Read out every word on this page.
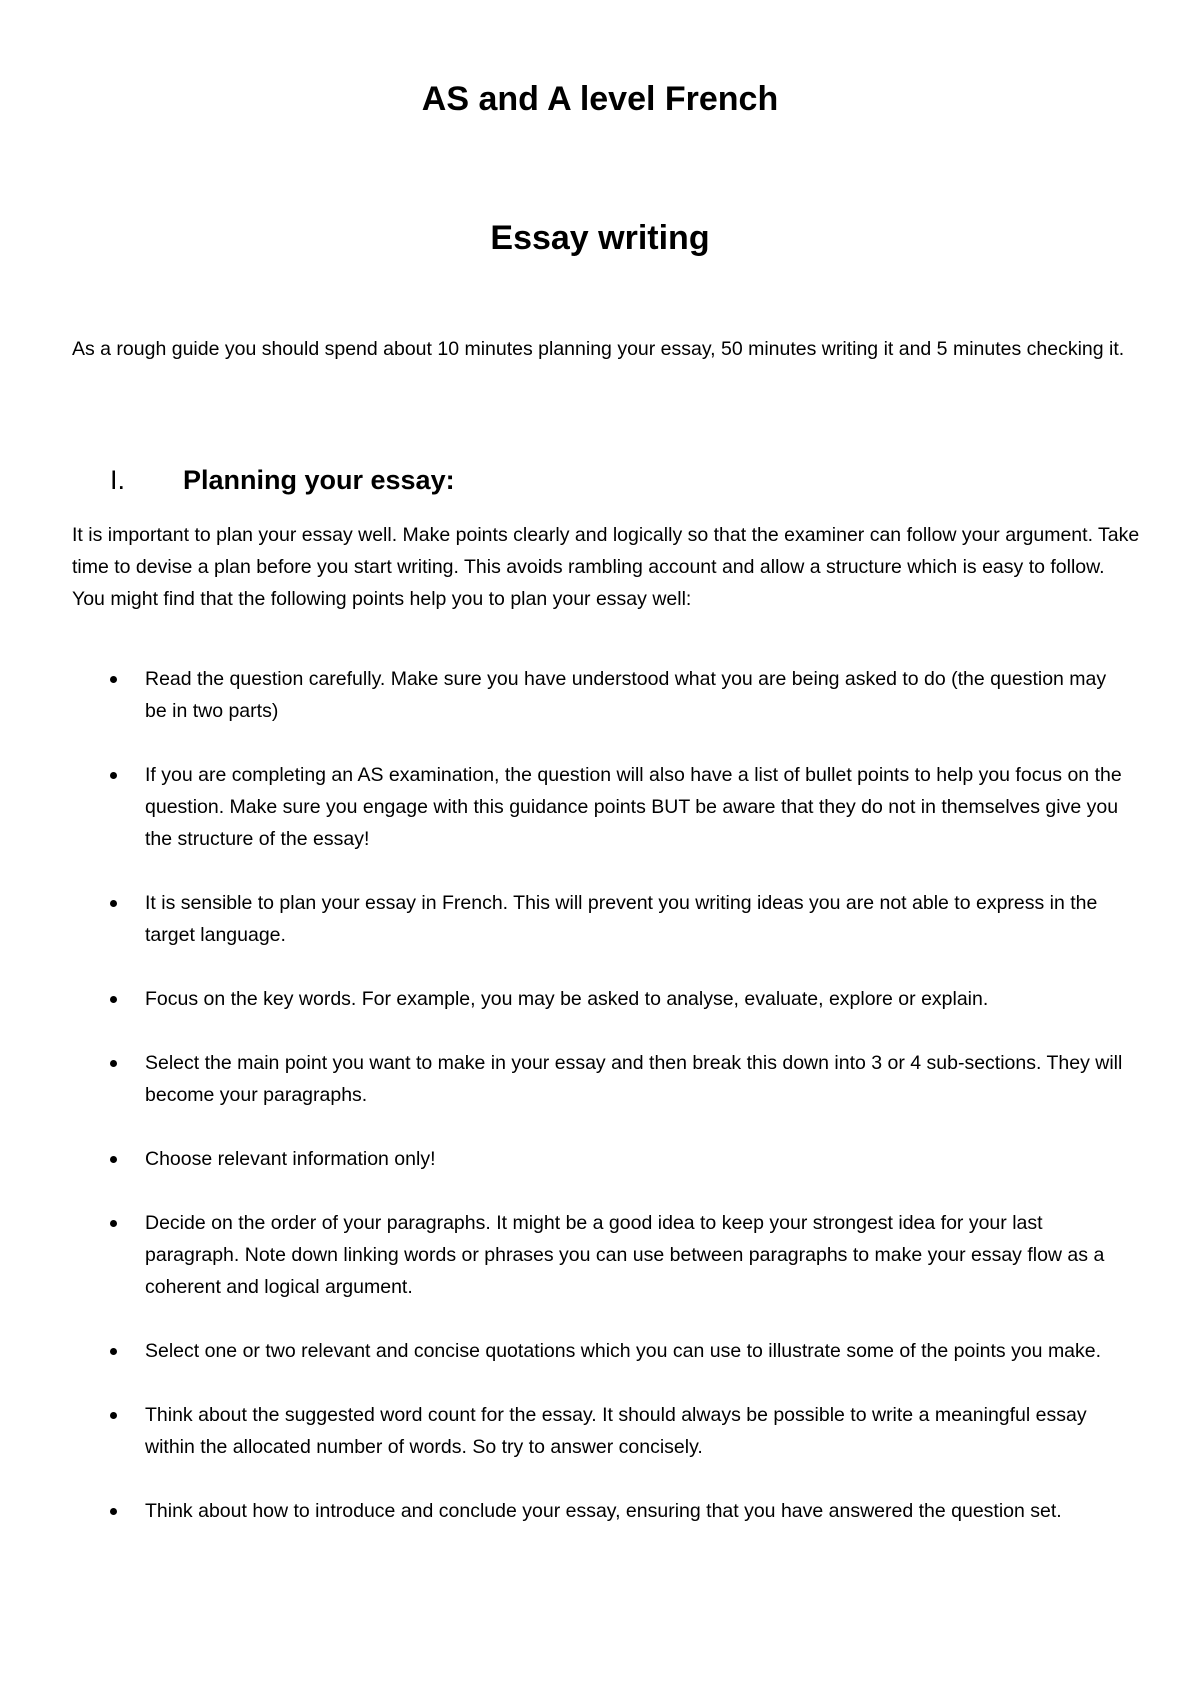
AS and A level French
Essay writing

As a rough guide you should spend about 10 minutes planning your essay, 50 minutes writing it and 5 minutes checking it.

I.	Planning your essay:

It is important to plan your essay well. Make points clearly and logically so that the examiner can follow your argument. Take time to devise a plan before you start writing. This avoids rambling account and allow a structure which is easy to follow. You might find that the following points help you to plan your essay well:

Read the question carefully. Make sure you have understood what you are being asked to do (the question may be in two parts)
If you are completing an AS examination, the question will also have a list of bullet points to help you focus on the question. Make sure you engage with this guidance points BUT be aware that they do not in themselves give you the structure of the essay!
It is sensible to plan your essay in French. This will prevent you writing ideas you are not able to express in the target language.
Focus on the key words. For example, you may be asked to analyse, evaluate, explore or explain.
Select the main point you want to make in your essay and then break this down into 3 or 4 sub-sections. They will become your paragraphs.
Choose relevant information only!
Decide on the order of your paragraphs. It might be a good idea to keep your strongest idea for your last paragraph. Note down linking words or phrases you can use between paragraphs to make your essay flow as a coherent and logical argument.
Select one or two relevant and concise quotations which you can use to illustrate some of the points you make.
Think about the suggested word count for the essay. It should always be possible to write a meaningful essay within the allocated number of words. So try to answer concisely.
Think about how to introduce and conclude your essay, ensuring that you have answered the question set.
